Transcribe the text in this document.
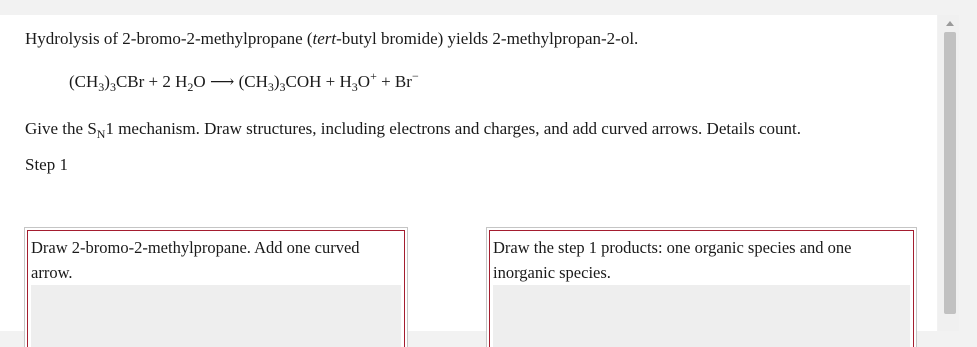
Hydrolysis of 2-bromo-2-methylpropane (tert-butyl bromide) yields 2-methylpropan-2-ol.
$(CH_3)_3CBr + 2$ $H_2O$ ⟶ $(CH_3)_3COH + H_3O^+ + Br^-$
Give the $S_N1$ mechanism. Draw structures, including electrons and charges, and add curved arrows. Details count.
Step 1
Draw 2-bromo-2-methylpropane. Add one curved arrow.
Draw the step 1 products: one organic species and one inorganic species.
